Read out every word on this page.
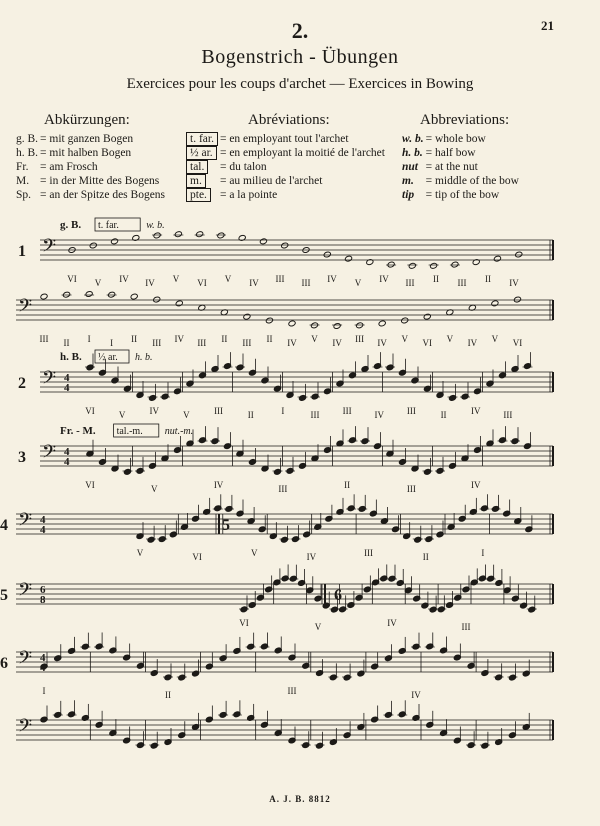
21
2.
Bogenstrich - Übungen
Exercices pour les coups d'archet — Exercices in Bowing
Abkürzungen:	Abréviations:	Abbreviations:
g. B.	= mit ganzen Bogen
h. B.	= mit halben Bogen
Fr.	= am Frosch
M.	= in der Mitte des Bogens
Sp.	= an der Spitze des Bogens
t. far.	= en employant tout l'archet
½ ar.	= en employant la moitié de l'archet
tal.	= du talon
m.	= au milieu de l'archet
pte.	= a la pointe
w. b.	= whole bow
h. b.	= half bow
nut	= at the nut
m.	= middle of the bow
tip	= tip of the bow
𝄢
1
g. B. t. far.	w. b.
VI V IV IV V VI V IV III III IV V IV III II III II IV
𝄢
III II I I II III IV III II III II IV V IV III IV V VI V IV V VI
𝄢
2	4
4
h. B. ½ ar. h. b.
VI	V	IV	V	III	II	I	III	III	IV	III	II	IV	III
𝄢
3	4
4
Fr. - M. tal.-m. nut.-m.
VI	V	IV	III	II	III	IV
𝄢
4	4
4
V	VI	V	IV	III	II	I
𝄢
5	6
8
VI	V	IV	III
𝄢
6	4
I	II	III	IV
𝄢
5
6
A. J. B. 8812
